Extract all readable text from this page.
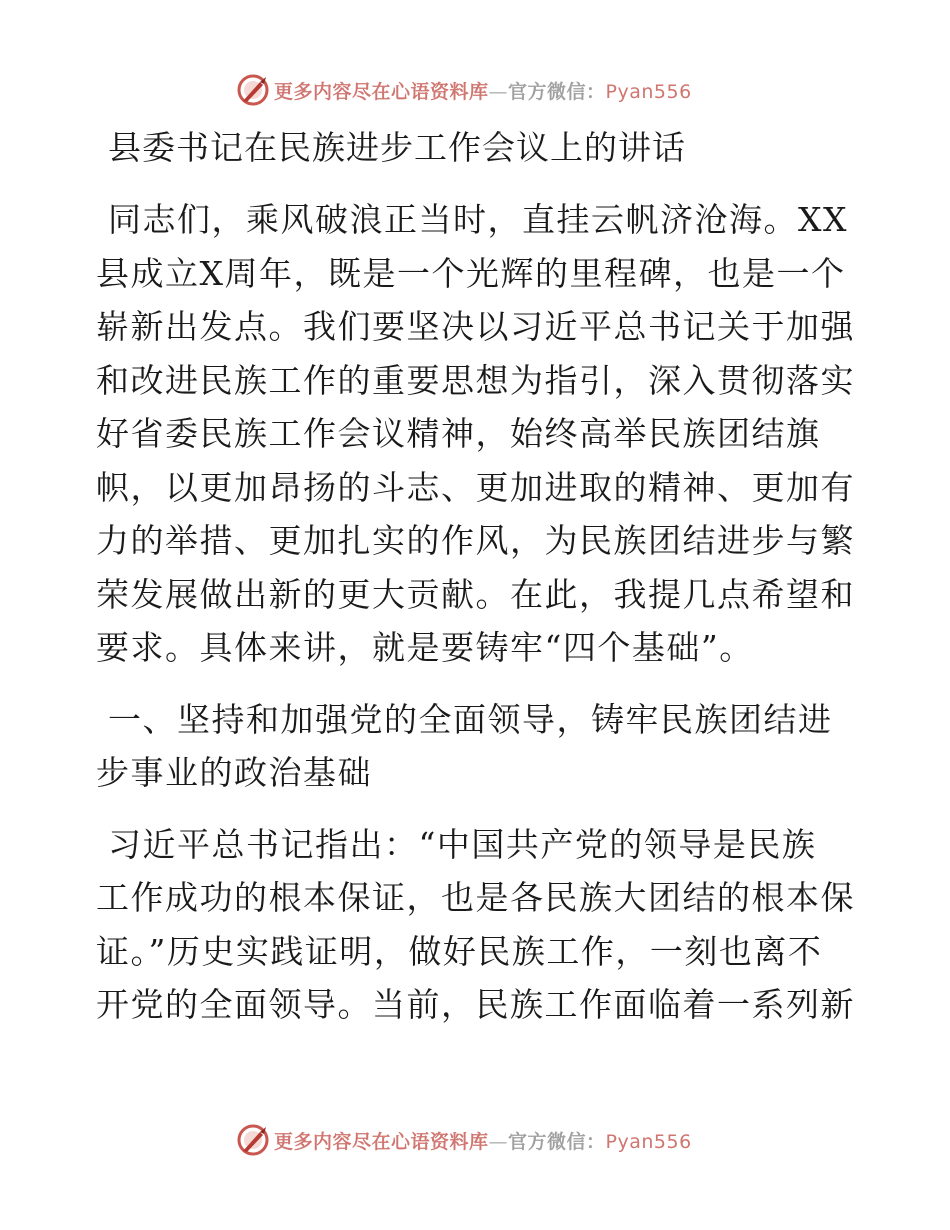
更多内容尽在心语资料库—官方微信：Pyan556
县委书记在民族进步工作会议上的讲话
同志们，乘风破浪正当时，直挂云帆济沧海。XX
县成立X周年，既是一个光辉的里程碑，也是一个
崭新出发点。我们要坚决以习近平总书记关于加强
和改进民族工作的重要思想为指引，深入贯彻落实
好省委民族工作会议精神，始终高举民族团结旗
帜，以更加昂扬的斗志、更加进取的精神、更加有
力的举措、更加扎实的作风，为民族团结进步与繁
荣发展做出新的更大贡献。在此，我提几点希望和
要求。具体来讲，就是要铸牢“四个基础”。
一、坚持和加强党的全面领导，铸牢民族团结进
步事业的政治基础
习近平总书记指出：“中国共产党的领导是民族
工作成功的根本保证，也是各民族大团结的根本保
证。”历史实践证明，做好民族工作，一刻也离不
开党的全面领导。当前，民族工作面临着一系列新
更多内容尽在心语资料库—官方微信：Pyan556
